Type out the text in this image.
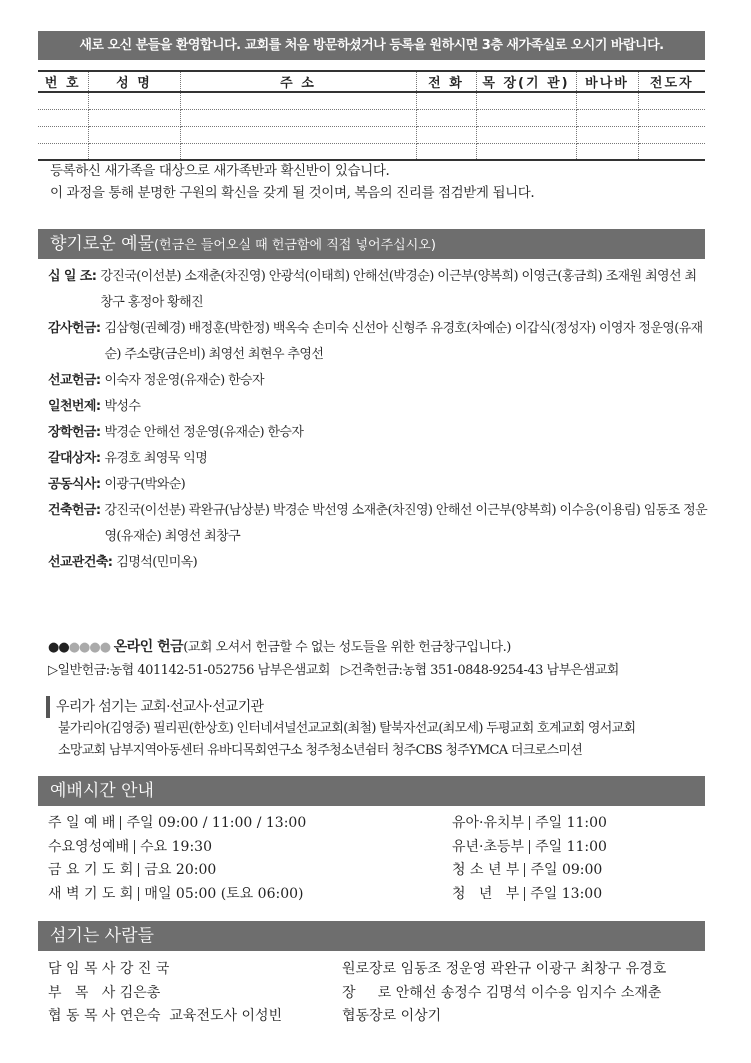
새로 오신 분들을 환영합니다. 교회를 처음 방문하셨거나 등록을 원하시면 3층 새가족실로 오시기 바랍니다.
번 호	성 명	주 소	전 화	목 장(기 관)	바나바	전도자

등록하신 새가족을 대상으로 새가족반과 확신반이 있습니다.
이 과정을 통해 분명한 구원의 확신을 갖게 될 것이며, 복음의 진리를 점검받게 됩니다.
향기로운 예물(헌금은 들어오실 때 헌금함에 직접 넣어주십시오)
십 일 조: 강진국(이선분) 소재춘(차진영) 안광석(이태희) 안해선(박경순) 이근부(양복희) 이영근(홍금희) 조재원 최영선 최창구 홍정아 황해진
감사헌금: 김삼형(권혜경) 배정훈(박한정) 백옥숙 손미숙 신선아 신형주 유경호(차예순) 이갑식(정성자) 이영자 정운영(유재순) 주소량(금은비) 최영선 최현우 추영선
선교헌금: 이숙자 정운영(유재순) 한승자
일천번제: 박성수
장학헌금: 박경순 안해선 정운영(유재순) 한승자
갈대상자: 유경호 최영묵 익명
공동식사: 이광구(박와순)
건축헌금: 강진국(이선분) 곽완규(남상분) 박경순 박선영 소재춘(차진영) 안해선 이근부(양복희) 이수응(이용림) 임동조 정운영(유재순) 최영선 최창구
선교관건축: 김명석(민미옥)
●●●●●● 온라인 헌금(교회 오셔서 헌금할 수 없는 성도들을 위한 헌금창구입니다.)
▷일반헌금:농협 401142-51-052756 남부은샘교회   ▷건축헌금:농협 351-0848-9254-43 남부은샘교회
우리가 섬기는 교회·선교사·선교기관
불가리아(김영중) 필리핀(한상호) 인터네셔널선교교회(최철) 탈북자선교(최모세) 두평교회 호계교회 영서교회
소망교회 남부지역아동센터 유바디목회연구소 청주청소년쉼터 청주CBS 청주YMCA 더크로스미션
예배시간 안내
주 일 예 배 주일 09:00 / 11:00 / 13:00
수요영성예배 수요 19:30
금 요 기 도 회 금요 20:00
새 벽 기 도 회 매일 05:00 (토요 06:00)
유아·유치부 주일 11:00
유년·초등부 주일 11:00
청 소 년 부 주일 09:00
청   년   부 주일 13:00
섬기는 사람들
담 임 목 사 강 진 국
부   목   사 김은총
협 동 목 사 연은숙 교육전도사 이성빈
원로장로 임동조 정운영 곽완규 이광구 최창구 유경호
장     로 안해선 송정수 김명석 이수응 임지수 소재춘
협동장로 이상기
